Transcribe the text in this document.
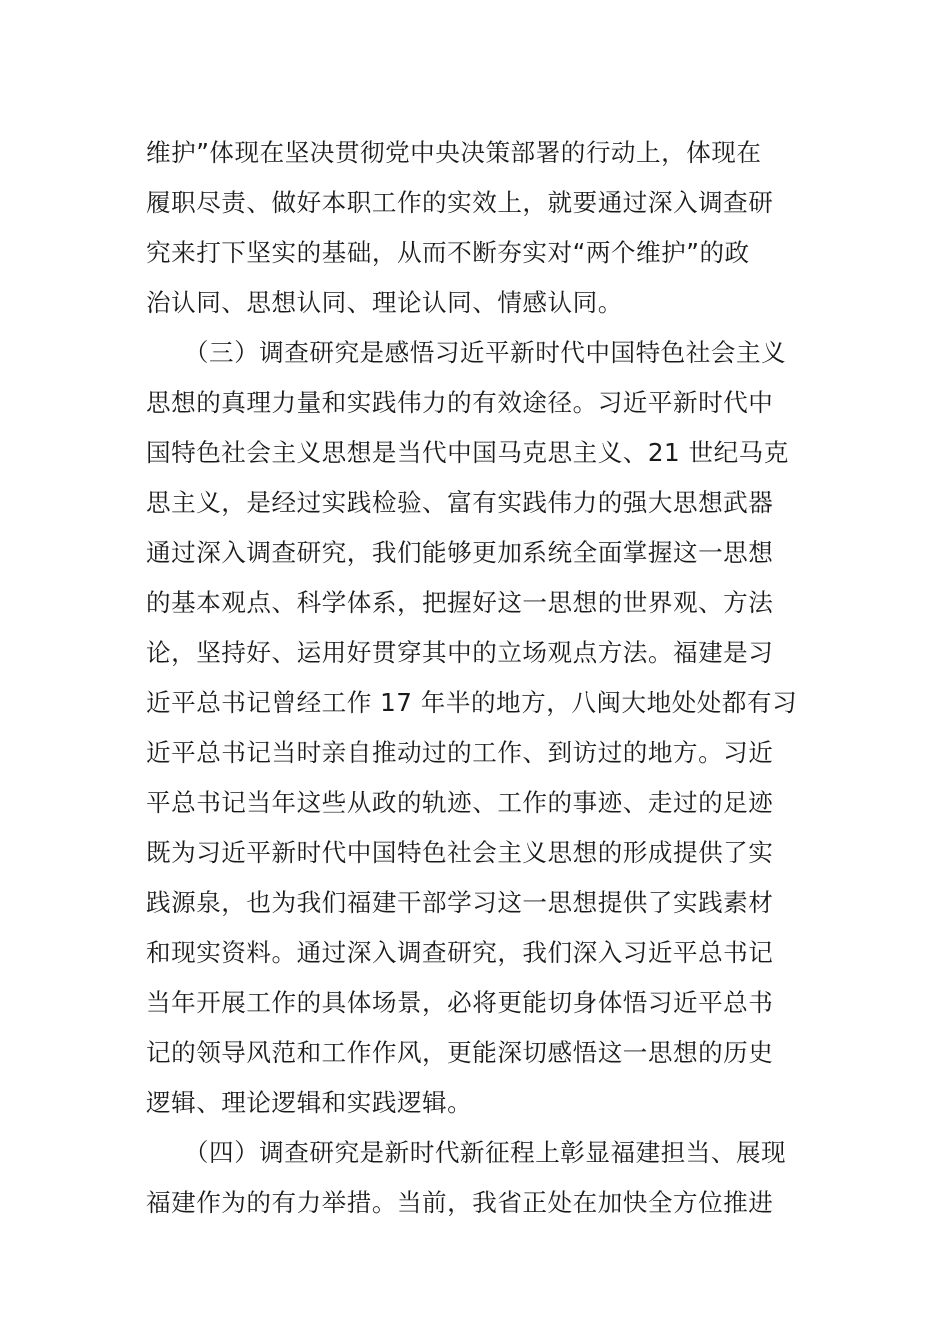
维护”体现在坚决贯彻党中央决策部署的行动上，体现在
履职尽责、做好本职工作的实效上，就要通过深入调查研
究来打下坚实的基础，从而不断夯实对“两个维护”的政
治认同、思想认同、理论认同、情感认同。
　　（三）调查研究是感悟习近平新时代中国特色社会主义
思想的真理力量和实践伟力的有效途径。习近平新时代中
国特色社会主义思想是当代中国马克思主义、21 世纪马克
思主义，是经过实践检验、富有实践伟力的强大思想武器
通过深入调查研究，我们能够更加系统全面掌握这一思想
的基本观点、科学体系，把握好这一思想的世界观、方法
论，坚持好、运用好贯穿其中的立场观点方法。福建是习
近平总书记曾经工作 17 年半的地方，八闽大地处处都有习
近平总书记当时亲自推动过的工作、到访过的地方。习近
平总书记当年这些从政的轨迹、工作的事迹、走过的足迹
既为习近平新时代中国特色社会主义思想的形成提供了实
践源泉，也为我们福建干部学习这一思想提供了实践素材
和现实资料。通过深入调查研究，我们深入习近平总书记
当年开展工作的具体场景，必将更能切身体悟习近平总书
记的领导风范和工作作风，更能深切感悟这一思想的历史
逻辑、理论逻辑和实践逻辑。
　　（四）调查研究是新时代新征程上彰显福建担当、展现
福建作为的有力举措。当前，我省正处在加快全方位推进
